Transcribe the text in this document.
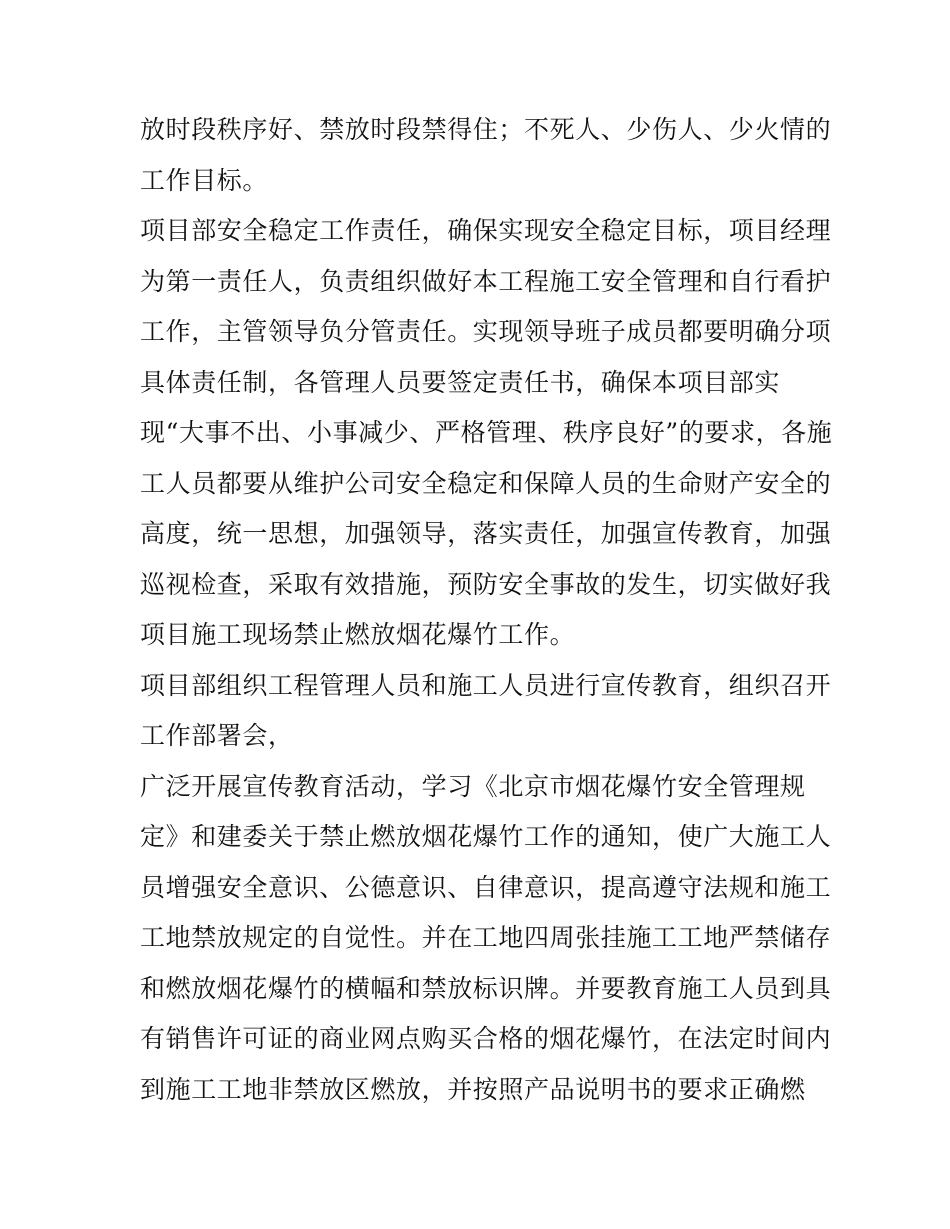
放时段秩序好、禁放时段禁得住；不死人、少伤人、少火情的
工作目标。
项目部安全稳定工作责任，确保实现安全稳定目标，项目经理
为第一责任人，负责组织做好本工程施工安全管理和自行看护
工作，主管领导负分管责任。实现领导班子成员都要明确分项
具体责任制，各管理人员要签定责任书，确保本项目部实
现“大事不出、小事减少、严格管理、秩序良好”的要求，各施
工人员都要从维护公司安全稳定和保障人员的生命财产安全的
高度，统一思想，加强领导，落实责任，加强宣传教育，加强
巡视检查，采取有效措施，预防安全事故的发生，切实做好我
项目施工现场禁止燃放烟花爆竹工作。
项目部组织工程管理人员和施工人员进行宣传教育，组织召开
工作部署会，
广泛开展宣传教育活动，学习《北京市烟花爆竹安全管理规
定》和建委关于禁止燃放烟花爆竹工作的通知，使广大施工人
员增强安全意识、公德意识、自律意识，提高遵守法规和施工
工地禁放规定的自觉性。并在工地四周张挂施工工地严禁储存
和燃放烟花爆竹的横幅和禁放标识牌。并要教育施工人员到具
有销售许可证的商业网点购买合格的烟花爆竹，在法定时间内
到施工工地非禁放区燃放，并按照产品说明书的要求正确燃
